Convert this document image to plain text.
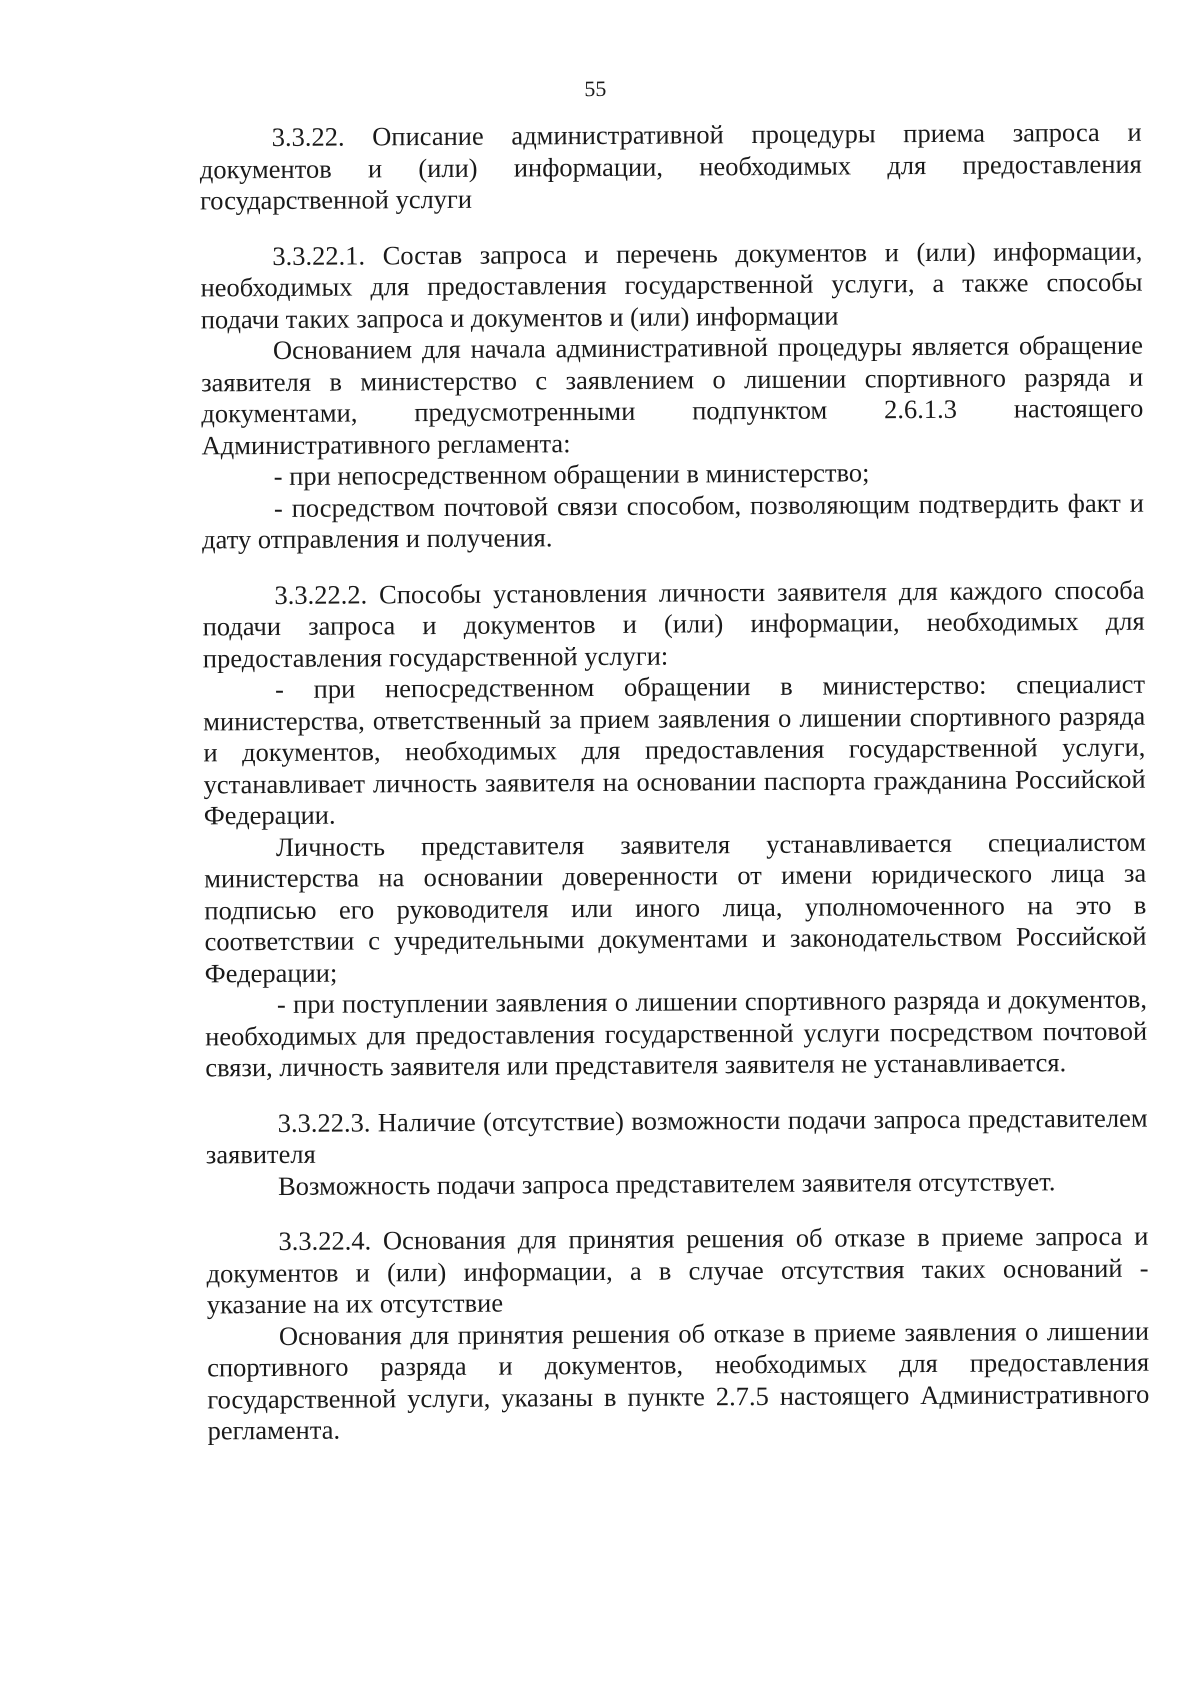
55

3.3.22. Описание административной процедуры приема запроса и документов и (или) информации, необходимых для предоставления государственной услуги

3.3.22.1. Состав запроса и перечень документов и (или) информации, необходимых для предоставления государственной услуги, а также способы подачи таких запроса и документов и (или) информации

Основанием для начала административной процедуры является обращение заявителя в министерство с заявлением о лишении спортивного разряда и документами, предусмотренными подпунктом 2.6.1.3 настоящего Административного регламента:

- при непосредственном обращении в министерство;

- посредством почтовой связи способом, позволяющим подтвердить факт и дату отправления и получения.

3.3.22.2. Способы установления личности заявителя для каждого способа подачи запроса и документов и (или) информации, необходимых для предоставления государственной услуги:

- при непосредственном обращении в министерство: специалист министерства, ответственный за прием заявления о лишении спортивного разряда и документов, необходимых для предоставления государственной услуги, устанавливает личность заявителя на основании паспорта гражданина Российской Федерации.

Личность представителя заявителя устанавливается специалистом министерства на основании доверенности от имени юридического лица за подписью его руководителя или иного лица, уполномоченного на это в соответствии с учредительными документами и законодательством Российской Федерации;

- при поступлении заявления о лишении спортивного разряда и документов, необходимых для предоставления государственной услуги посредством почтовой связи, личность заявителя или представителя заявителя не устанавливается.

3.3.22.3. Наличие (отсутствие) возможности подачи запроса представителем заявителя

Возможность подачи запроса представителем заявителя отсутствует.

3.3.22.4. Основания для принятия решения об отказе в приеме запроса и документов и (или) информации, а в случае отсутствия таких оснований - указание на их отсутствие

Основания для принятия решения об отказе в приеме заявления о лишении спортивного разряда и документов, необходимых для предоставления государственной услуги, указаны в пункте 2.7.5 настоящего Административного регламента.
